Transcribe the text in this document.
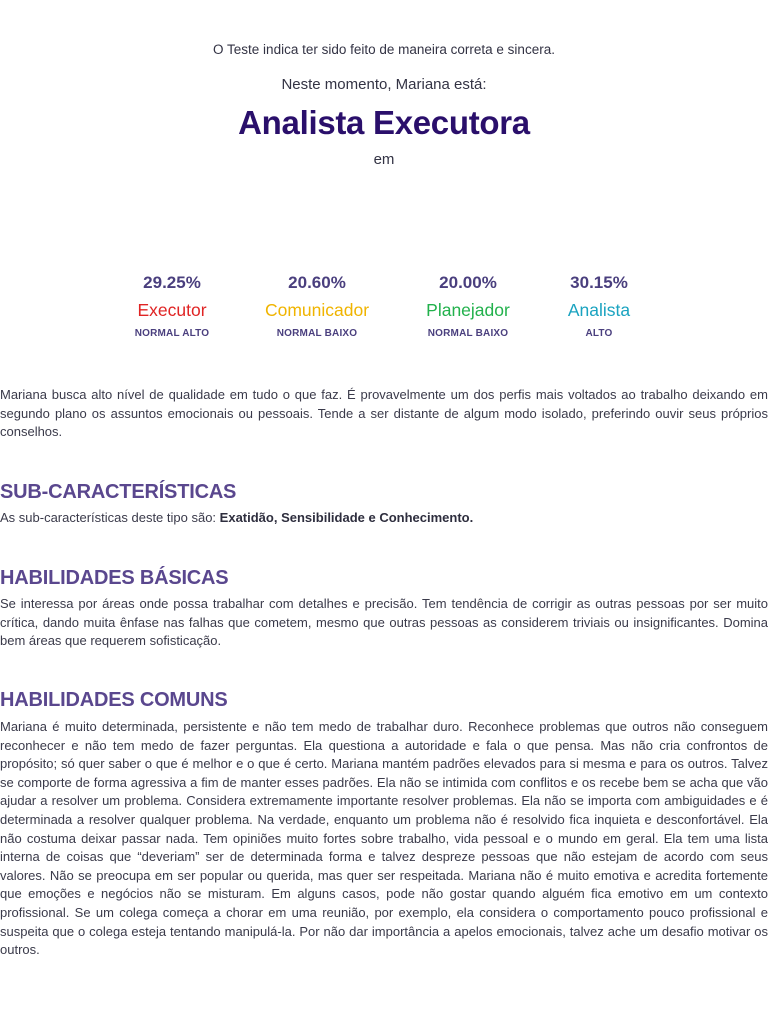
O Teste indica ter sido feito de maneira correta e sincera.
Neste momento, Mariana está:
Analista Executora
em
29.25%
Executor
NORMAL ALTO
20.60%
Comunicador
NORMAL BAIXO
20.00%
Planejador
NORMAL BAIXO
30.15%
Analista
ALTO
Mariana busca alto nível de qualidade em tudo o que faz. É provavelmente um dos perfis mais voltados ao trabalho deixando em segundo plano os assuntos emocionais ou pessoais. Tende a ser distante de algum modo isolado, preferindo ouvir seus próprios conselhos.
SUB-CARACTERÍSTICAS
As sub-características deste tipo são: Exatidão, Sensibilidade e Conhecimento.
HABILIDADES BÁSICAS
Se interessa por áreas onde possa trabalhar com detalhes e precisão. Tem tendência de corrigir as outras pessoas por ser muito crítica, dando muita ênfase nas falhas que cometem, mesmo que outras pessoas as considerem triviais ou insignificantes. Domina bem áreas que requerem sofisticação.
HABILIDADES COMUNS
Mariana é muito determinada, persistente e não tem medo de trabalhar duro. Reconhece problemas que outros não conseguem reconhecer e não tem medo de fazer perguntas. Ela questiona a autoridade e fala o que pensa. Mas não cria confrontos de propósito; só quer saber o que é melhor e o que é certo. Mariana mantém padrões elevados para si mesma e para os outros. Talvez se comporte de forma agressiva a fim de manter esses padrões. Ela não se intimida com conflitos e os recebe bem se acha que vão ajudar a resolver um problema. Considera extremamente importante resolver problemas. Ela não se importa com ambiguidades e é determinada a resolver qualquer problema. Na verdade, enquanto um problema não é resolvido fica inquieta e desconfortável. Ela não costuma deixar passar nada. Tem opiniões muito fortes sobre trabalho, vida pessoal e o mundo em geral. Ela tem uma lista interna de coisas que “deveriam” ser de determinada forma e talvez despreze pessoas que não estejam de acordo com seus valores. Não se preocupa em ser popular ou querida, mas quer ser respeitada. Mariana não é muito emotiva e acredita fortemente que emoções e negócios não se misturam. Em alguns casos, pode não gostar quando alguém fica emotivo em um contexto profissional. Se um colega começa a chorar em uma reunião, por exemplo, ela considera o comportamento pouco profissional e suspeita que o colega esteja tentando manipulá-la. Por não dar importância a apelos emocionais, talvez ache um desafio motivar os outros.
